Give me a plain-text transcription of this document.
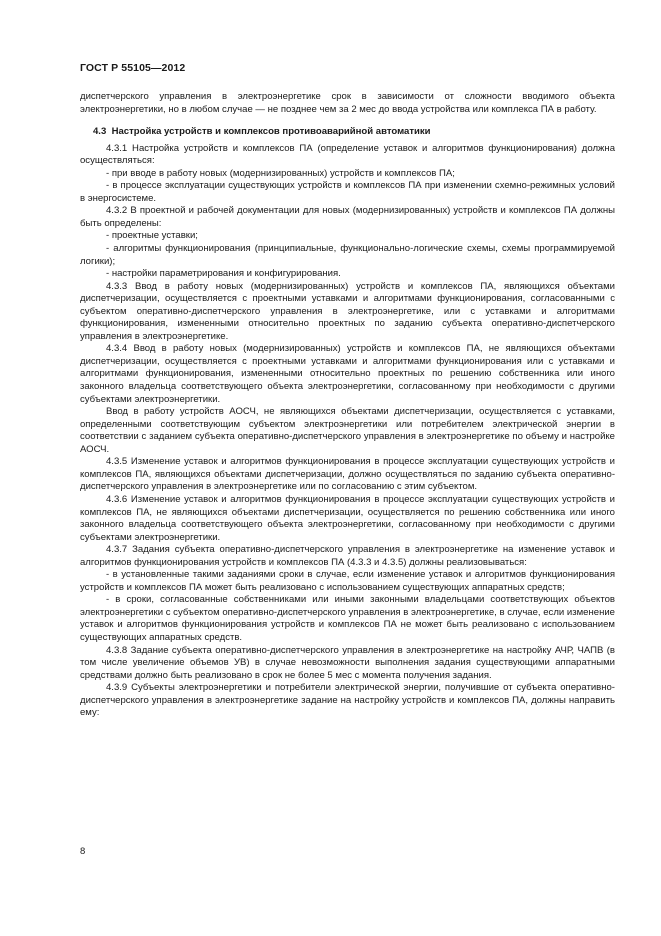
ГОСТ Р 55105—2012

диспетчерского управления в электроэнергетике срок в зависимости от сложности вводимого объекта электроэнергетики, но в любом случае — не позднее чем за 2 мес до ввода устройства или комплекса ПА в работу.

4.3 Настройка устройств и комплексов противоаварийной автоматики

4.3.1 Настройка устройств и комплексов ПА (определение уставок и алгоритмов функционирования) должна осуществляться:

- при вводе в работу новых (модернизированных) устройств и комплексов ПА;
- в процессе эксплуатации существующих устройств и комплексов ПА при изменении схемно-режимных условий в энергосистеме.

4.3.2 В проектной и рабочей документации для новых (модернизированных) устройств и комплексов ПА должны быть определены:

- проектные уставки;
- алгоритмы функционирования (принципиальные, функционально-логические схемы, схемы программируемой логики);
- настройки параметрирования и конфигурирования.

4.3.3 Ввод в работу новых (модернизированных) устройств и комплексов ПА, являющихся объектами диспетчеризации, осуществляется с проектными уставками и алгоритмами функционирования, согласованными с субъектом оперативно-диспетчерского управления в электроэнергетике, или с уставками и алгоритмами функционирования, измененными относительно проектных по заданию субъекта оперативно-диспетчерского управления в электроэнергетике.

4.3.4 Ввод в работу новых (модернизированных) устройств и комплексов ПА, не являющихся объектами диспетчеризации, осуществляется с проектными уставками и алгоритмами функционирования или с уставками и алгоритмами функционирования, измененными относительно проектных по решению собственника или иного законного владельца соответствующего объекта электроэнергетики, согласованному при необходимости с другими субъектами электроэнергетики.

Ввод в работу устройств АОСЧ, не являющихся объектами диспетчеризации, осуществляется с уставками, определенными соответствующим субъектом электроэнергетики или потребителем электрической энергии в соответствии с заданием субъекта оперативно-диспетчерского управления в электроэнергетике по объему и настройке АОСЧ.

4.3.5 Изменение уставок и алгоритмов функционирования в процессе эксплуатации существующих устройств и комплексов ПА, являющихся объектами диспетчеризации, должно осуществляться по заданию субъекта оперативно-диспетчерского управления в электроэнергетике или по согласованию с этим субъектом.

4.3.6 Изменение уставок и алгоритмов функционирования в процессе эксплуатации существующих устройств и комплексов ПА, не являющихся объектами диспетчеризации, осуществляется по решению собственника или иного законного владельца соответствующего объекта электроэнергетики, согласованному при необходимости с другими субъектами электроэнергетики.

4.3.7 Задания субъекта оперативно-диспетчерского управления в электроэнергетике на изменение уставок и алгоритмов функционирования устройств и комплексов ПА (4.3.3 и 4.3.5) должны реализовываться:

- в установленные такими заданиями сроки в случае, если изменение уставок и алгоритмов функционирования устройств и комплексов ПА может быть реализовано с использованием существующих аппаратных средств;
- в сроки, согласованные собственниками или иными законными владельцами соответствующих объектов электроэнергетики с субъектом оперативно-диспетчерского управления в электроэнергетике, в случае, если изменение уставок и алгоритмов функционирования устройств и комплексов ПА не может быть реализовано с использованием существующих аппаратных средств.

4.3.8 Задание субъекта оперативно-диспетчерского управления в электроэнергетике на настройку АЧР, ЧАПВ (в том числе увеличение объемов УВ) в случае невозможности выполнения задания существующими аппаратными средствами должно быть реализовано в срок не более 5 мес с момента получения задания.

4.3.9 Субъекты электроэнергетики и потребители электрической энергии, получившие от субъекта оперативно-диспетчерского управления в электроэнергетике задание на настройку устройств и комплексов ПА, должны направить ему:

8
